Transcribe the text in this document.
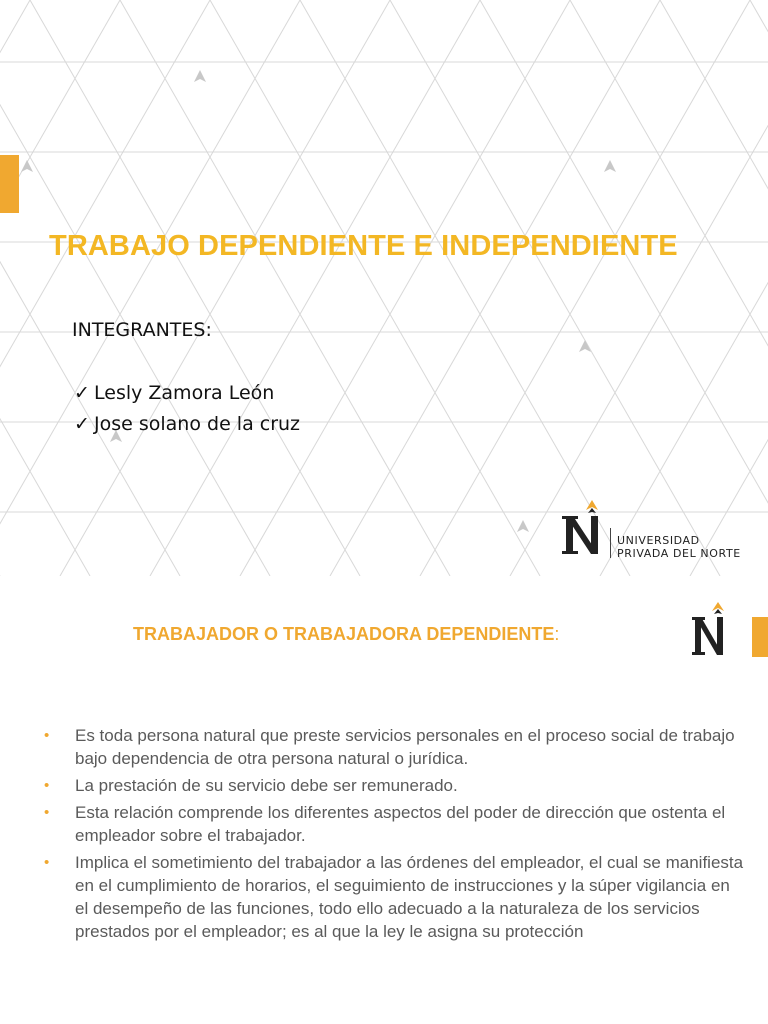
TRABAJO DEPENDIENTE E INDEPENDIENTE
INTEGRANTES:
✓ Lesly Zamora León
✓ Jose solano de la cruz
UNIVERSIDAD
PRIVADA DEL NORTE
TRABAJADOR O TRABAJADORA DEPENDIENTE:
• Es toda persona natural que preste servicios personales en el proceso social de trabajo bajo dependencia de otra persona natural o jurídica.
• La prestación de su servicio debe ser remunerado.
• Esta relación comprende los diferentes aspectos del poder de dirección que ostenta el empleador sobre el trabajador.
• Implica el sometimiento del trabajador a las órdenes del empleador, el cual se manifiesta en el cumplimiento de horarios, el seguimiento de instrucciones y la súper vigilancia en el desempeño de las funciones, todo ello adecuado a la naturaleza de los servicios prestados por el empleador; es al que la ley le asigna su protección
